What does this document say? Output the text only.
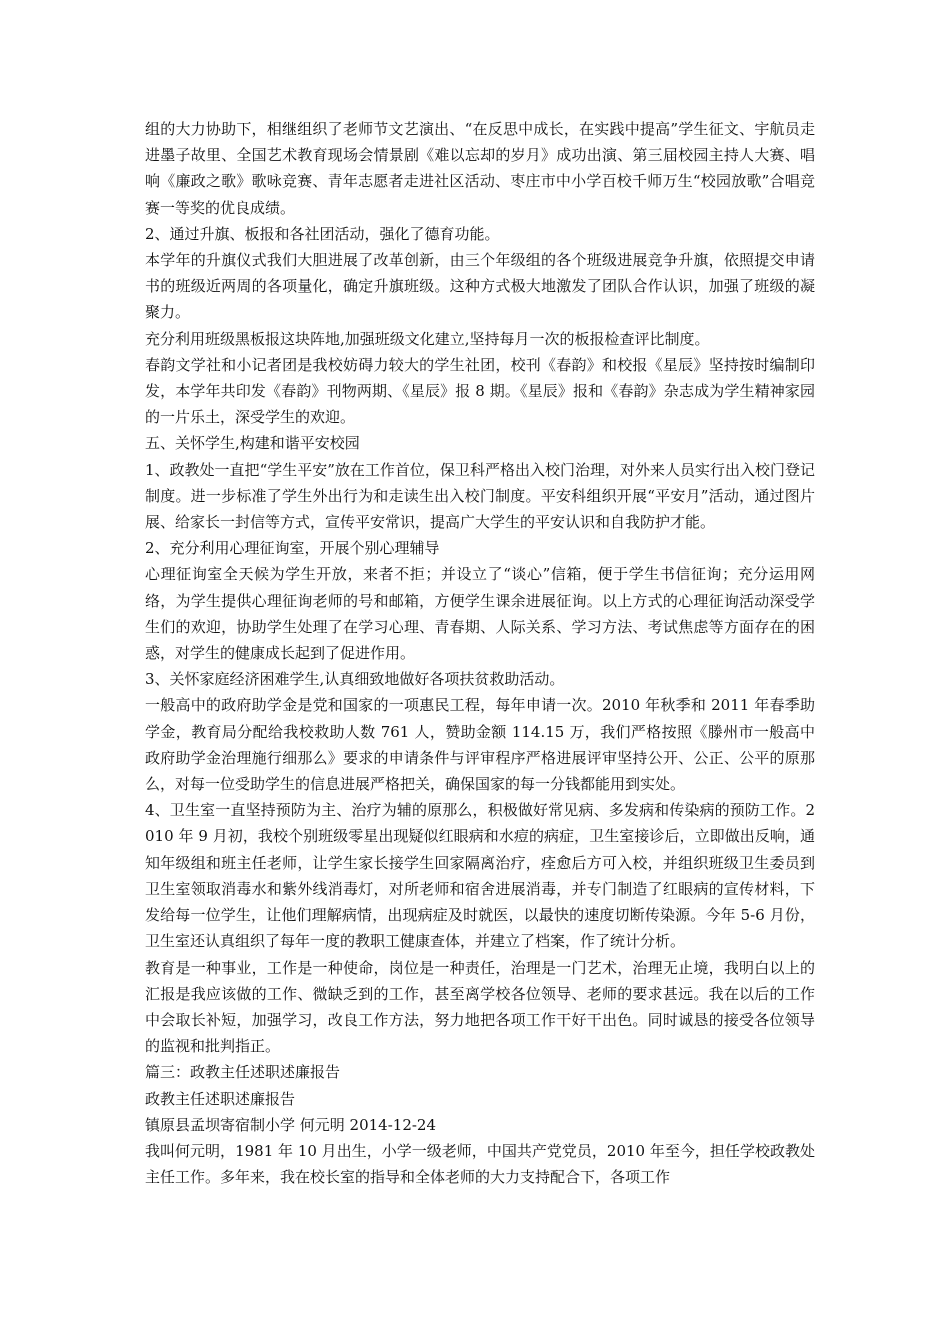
组的大力协助下，相继组织了老师节文艺演出、“在反思中成长，在实践中提高”学生征文、宇航员走进墨子故里、全国艺术教育现场会情景剧《难以忘却的岁月》成功出演、第三届校园主持人大赛、唱响《廉政之歌》歌咏竞赛、青年志愿者走进社区活动、枣庄市中小学百校千师万生“校园放歌”合唱竞赛一等奖的优良成绩。

2、通过升旗、板报和各社团活动，强化了德育功能。

本学年的升旗仪式我们大胆进展了改革创新，由三个年级组的各个班级进展竞争升旗，依照提交申请书的班级近两周的各项量化，确定升旗班级。这种方式极大地激发了团队合作认识，加强了班级的凝聚力。

充分利用班级黑板报这块阵地,加强班级文化建立,坚持每月一次的板报检查评比制度。

春韵文学社和小记者团是我校妨碍力较大的学生社团，校刊《春韵》和校报《星辰》坚持按时编制印发，本学年共印发《春韵》刊物两期、《星辰》报 8 期。《星辰》报和《春韵》杂志成为学生精神家园的一片乐土，深受学生的欢迎。

五、关怀学生,构建和谐平安校园

1、政教处一直把“学生平安”放在工作首位，保卫科严格出入校门治理，对外来人员实行出入校门登记制度。进一步标准了学生外出行为和走读生出入校门制度。平安科组织开展“平安月”活动，通过图片展、给家长一封信等方式，宣传平安常识，提高广大学生的平安认识和自我防护才能。

2、充分利用心理征询室，开展个别心理辅导

心理征询室全天候为学生开放，来者不拒；并设立了“谈心”信箱，便于学生书信征询；充分运用网络，为学生提供心理征询老师的号和邮箱，方便学生课余进展征询。以上方式的心理征询活动深受学生们的欢迎，协助学生处理了在学习心理、青春期、人际关系、学习方法、考试焦虑等方面存在的困惑，对学生的健康成长起到了促进作用。

3、关怀家庭经济困难学生,认真细致地做好各项扶贫救助活动。

一般高中的政府助学金是党和国家的一项惠民工程，每年申请一次。2010 年秋季和 2011 年春季助学金，教育局分配给我校救助人数 761 人，赞助金额 114.15 万，我们严格按照《滕州市一般高中政府助学金治理施行细那么》要求的申请条件与评审程序严格进展评审坚持公开、公正、公平的原那么，对每一位受助学生的信息进展严格把关，确保国家的每一分钱都能用到实处。

4、卫生室一直坚持预防为主、治疗为辅的原那么，积极做好常见病、多发病和传染病的预防工作。2010 年 9 月初，我校个别班级零星出现疑似红眼病和水痘的病症，卫生室接诊后，立即做出反响，通知年级组和班主任老师，让学生家长接学生回家隔离治疗，痊愈后方可入校，并组织班级卫生委员到卫生室领取消毒水和紫外线消毒灯，对所老师和宿舍进展消毒，并专门制造了红眼病的宣传材料，下发给每一位学生，让他们理解病情，出现病症及时就医，以最快的速度切断传染源。今年 5-6 月份，卫生室还认真组织了每年一度的教职工健康查体，并建立了档案，作了统计分析。

教育是一种事业，工作是一种使命，岗位是一种责任，治理是一门艺术，治理无止境，我明白以上的汇报是我应该做的工作、微缺乏到的工作，甚至离学校各位领导、老师的要求甚远。我在以后的工作中会取长补短，加强学习，改良工作方法，努力地把各项工作干好干出色。同时诚恳的接受各位领导的监视和批判指正。

篇三：政教主任述职述廉报告

政教主任述职述廉报告

镇原县孟坝寄宿制小学 何元明 2014-12-24

我叫何元明，1981 年 10 月出生，小学一级老师，中国共产党党员，2010 年至今，担任学校政教处主任工作。多年来，我在校长室的指导和全体老师的大力支持配合下，各项工作
